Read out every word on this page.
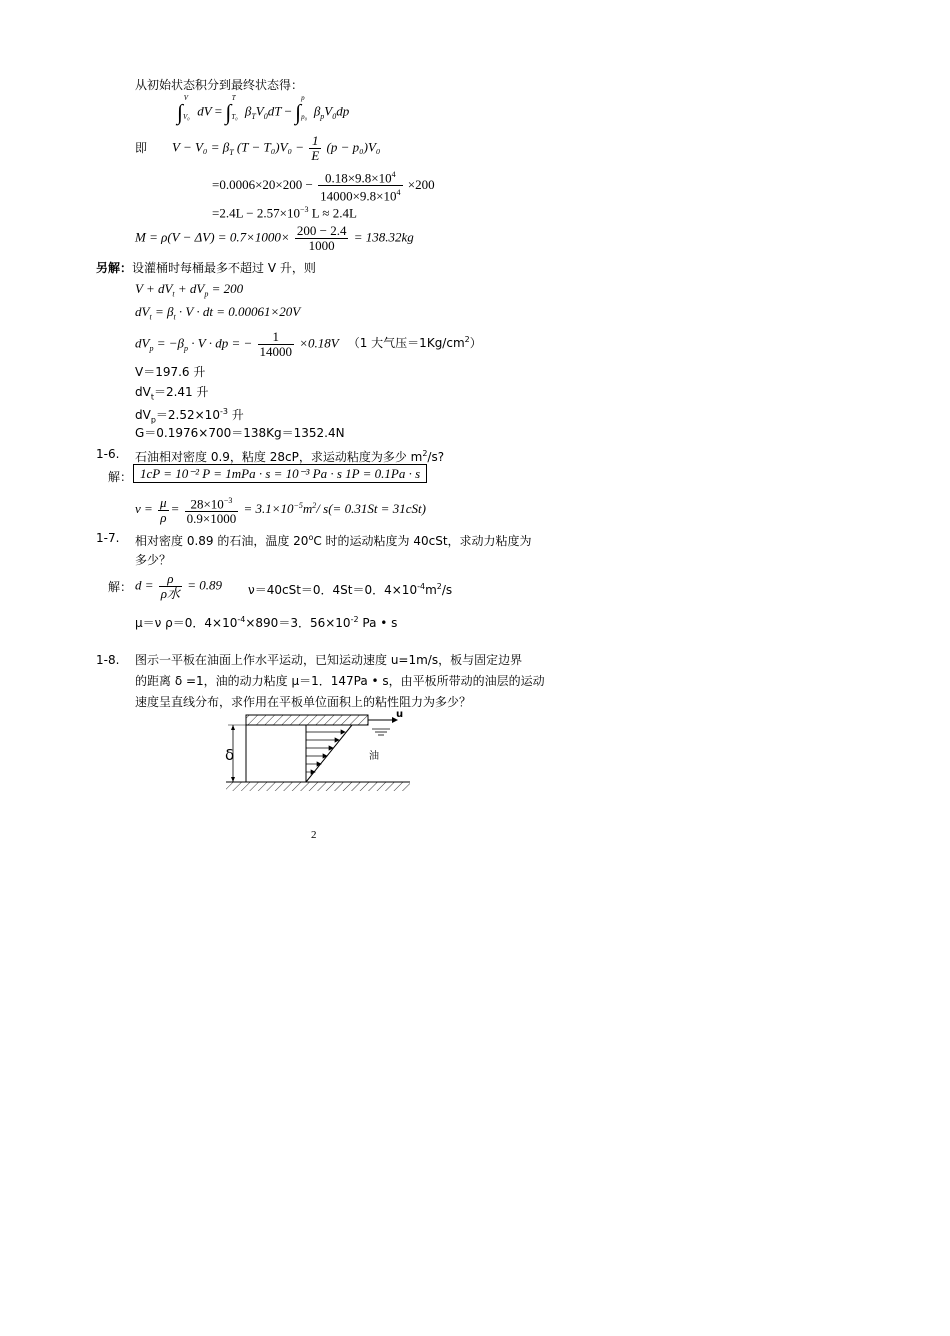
从初始状态积分到最终状态得：
$\int_{V_0}^V$ dV = $\int_{T_0}^T$ $\beta_TV_0dT - \int_{p_0}^p$ $\beta_pV_0dp$
即 $V - V_0 = \beta_T$ $(T - T_0)V_0 - \frac{1}{E} (p - p_0)V_0$
$=0.0006\times 20\times 200 - \frac{0.18\times 9.8\times 10^4}{14000\times 9.8\times 10^4} \times 200$
$=2.4L - 2.57\times 10^{-3}$ L ≈ 2.4L
$M = \rho(V - \Delta V) = 0.7\times 1000\times \frac{200 - 2.4}{1000} = 138.32kg$
另解：设灌桶时每桶最多不超过 V 升，则
$V + dV_t + dV_p = 200$
$dV_t = \beta_t \cdot V$ · dt = 0.00061×20V
$dV_p = -\beta_p \cdot V$ · dp = − $\frac{1}{14000} \times 0.18V$ （1 大气压$=1Kg/cm^2$）
V＝197.6 升
$dV_t=2.41$ 升
$dV_p=2.52\times 10^{-3}$ 升
G＝0.1976×700＝138Kg＝1352.4N
1-6. 石油相对密度 0.9，粘度 28cP，求运动粘度为多少 $m^2/s$?
解： 1cP = 10⁻² P = 1mPa · s = 10⁻³ Pa · s 1P = 0.1Pa · s
$\nu = \frac{\mu}{\rho} = \frac{28\times 10^{-3}}{0.9\times 1000} = 3.1\times 10^{-5}m^2/$ s(= 0.31St = 31cSt)
1-7. 相对密度 0.89 的石油，温度 20$^o$C 时的运动粘度为 40cSt，求动力粘度为
多少？
解： $d = \frac{\rho}{\text{ρ水}} = 0.89$ ν＝40cSt＝0．4St＝0．$4\times 10^{-4}m^2/s$
μ＝ν ρ＝0．$4\times 10^{-4}\times 890=3$．$56\times 10^{-2}$ Pa • s
1-8. 图示一平板在油面上作水平运动，已知运动速度 u=1m/s，板与固定边界
的距离 δ =1，油的动力粘度 μ＝1．147Pa • s，由平板所带动的油层的运动
速度呈直线分布，求作用在平板单位面积上的粘性阻力为多少？
u
δ	油
2
